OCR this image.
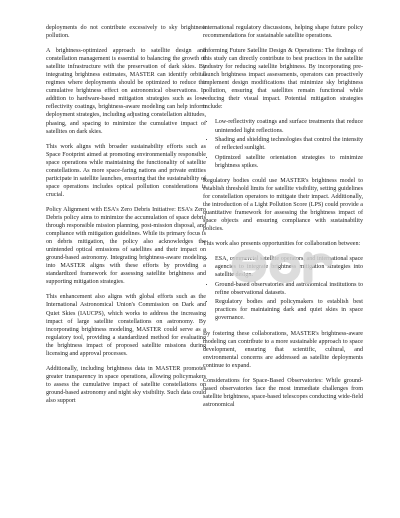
deployments do not contribute excessively to sky brightness pollution.

A brightness-optimized approach to satellite design and constellation management is essential to balancing the growth of satellite infrastructure with the preservation of dark skies. By integrating brightness estimates, MASTER can identify orbital regimes where deployments should be optimized to reduce the cumulative brightness effect on astronomical observations. In addition to hardware-based mitigation strategies such as low-reflectivity coatings, brightness-aware modeling can help inform deployment strategies, including adjusting constellation altitudes, phasing, and spacing to minimize the cumulative impact of satellites on dark skies.

This work aligns with broader sustainability efforts such as Space Footprint aimed at promoting environmentally responsible space operations while maintaining the functionality of satellite constellations. As more space-faring nations and private entities participate in satellite launches, ensuring that the sustainability of space operations includes optical pollution considerations is crucial.

Policy Alignment with ESA's Zero Debris Initiative: ESA's Zero Debris policy aims to minimize the accumulation of space debris through responsible mission planning, post-mission disposal, and compliance with mitigation guidelines. While its primary focus is on debris mitigation, the policy also acknowledges the unintended optical emissions of satellites and their impact on ground-based astronomy. Integrating brightness-aware modeling into MASTER aligns with these efforts by providing a standardized framework for assessing satellite brightness and supporting mitigation strategies.

This enhancement also aligns with global efforts such as the International Astronomical Union's Commission on Dark and Quiet Skies (IAUCPS), which works to address the increasing impact of large satellite constellations on astronomy. By incorporating brightness modeling, MASTER could serve as a regulatory tool, providing a standardized method for evaluating the brightness impact of proposed satellite missions during licensing and approval processes.

Additionally, including brightness data in MASTER promotes greater transparency in space operations, allowing policymakers to assess the cumulative impact of satellite constellations on ground-based astronomy and night sky visibility. Such data could also support

international regulatory discussions, helping shape future policy recommendations for sustainable satellite operations.

Informing Future Satellite Design & Operations: The findings of this study can directly contribute to best practices in the satellite industry for reducing satellite brightness. By incorporating pre-launch brightness impact assessments, operators can proactively implement design modifications that minimize sky brightness pollution, ensuring that satellites remain functional while reducing their visual impact. Potential mitigation strategies include:

• Low-reflectivity coatings and surface treatments that reduce unintended light reflections.
• Shading and shielding technologies that control the intensity of reflected sunlight.
• Optimized satellite orientation strategies to minimize brightness spikes.

Regulatory bodies could use MASTER's brightness model to establish threshold limits for satellite visibility, setting guidelines for constellation operators to mitigate their impact. Additionally, the introduction of a Light Pollution Score (LPS) could provide a quantitative framework for assessing the brightness impact of space objects and ensuring compliance with sustainability policies.

This work also presents opportunities for collaboration between:

• ESA, commercial satellite operators, and international space agencies to integrate brightness mitigation strategies into satellite design.
• Ground-based observatories and astronomical institutions to refine observational datasets.
• Regulatory bodies and policymakers to establish best practices for maintaining dark and quiet skies in space governance.

By fostering these collaborations, MASTER's brightness-aware modeling can contribute to a more sustainable approach to space development, ensuring that scientific, cultural, and environmental concerns are addressed as satellite deployments continue to expand.

Considerations for Space-Based Observatories: While ground-based observatories face the most immediate challenges from satellite brightness, space-based telescopes conducting wide-field astronomical
